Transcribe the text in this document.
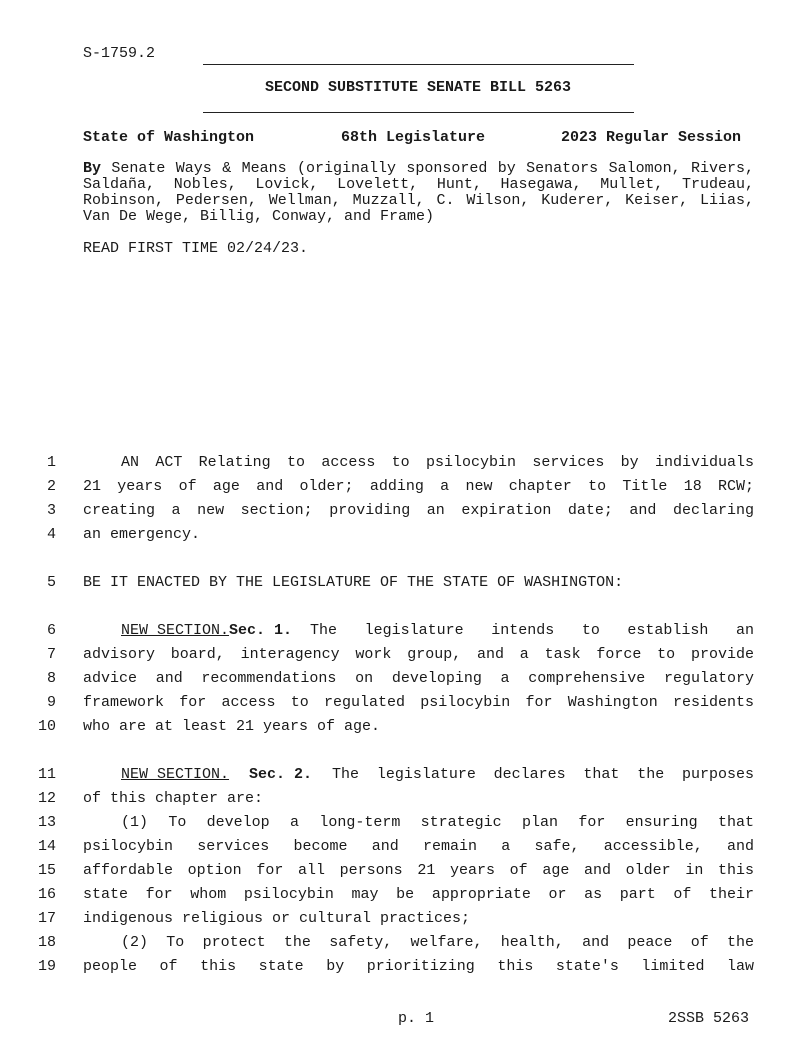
S-1759.2
SECOND SUBSTITUTE SENATE BILL 5263
State of Washington	68th Legislature	2023 Regular Session
By Senate Ways & Means (originally sponsored by Senators Salomon, Rivers, Saldaña, Nobles, Lovick, Lovelett, Hunt, Hasegawa, Mullet, Trudeau, Robinson, Pedersen, Wellman, Muzzall, C. Wilson, Kuderer, Keiser, Liias, Van De Wege, Billig, Conway, and Frame)
READ FIRST TIME 02/24/23.
1	AN ACT Relating to access to psilocybin services by individuals
2 21 years of age and older; adding a new chapter to Title 18 RCW;
3 creating a new section; providing an expiration date; and declaring
4 an emergency.
5 BE IT ENACTED BY THE LEGISLATURE OF THE STATE OF WASHINGTON:
6	NEW SECTION. Sec. 1.	The legislature intends to establish an
7 advisory board, interagency work group, and a task force to provide
8 advice and recommendations on developing a comprehensive regulatory
9 framework for access to regulated psilocybin for Washington residents
10 who are at least 21 years of age.
11	NEW SECTION.	Sec. 2.	The legislature declares that the purposes
12 of this chapter are:
13	(1) To develop a long-term strategic plan for ensuring that
14 psilocybin services become and remain a safe, accessible, and
15 affordable option for all persons 21 years of age and older in this
16 state for whom psilocybin may be appropriate or as part of their
17 indigenous religious or cultural practices;
18	(2) To protect the safety, welfare, health, and peace of the
19 people of this state by prioritizing this state's limited law
p. 1	2SSB 5263
